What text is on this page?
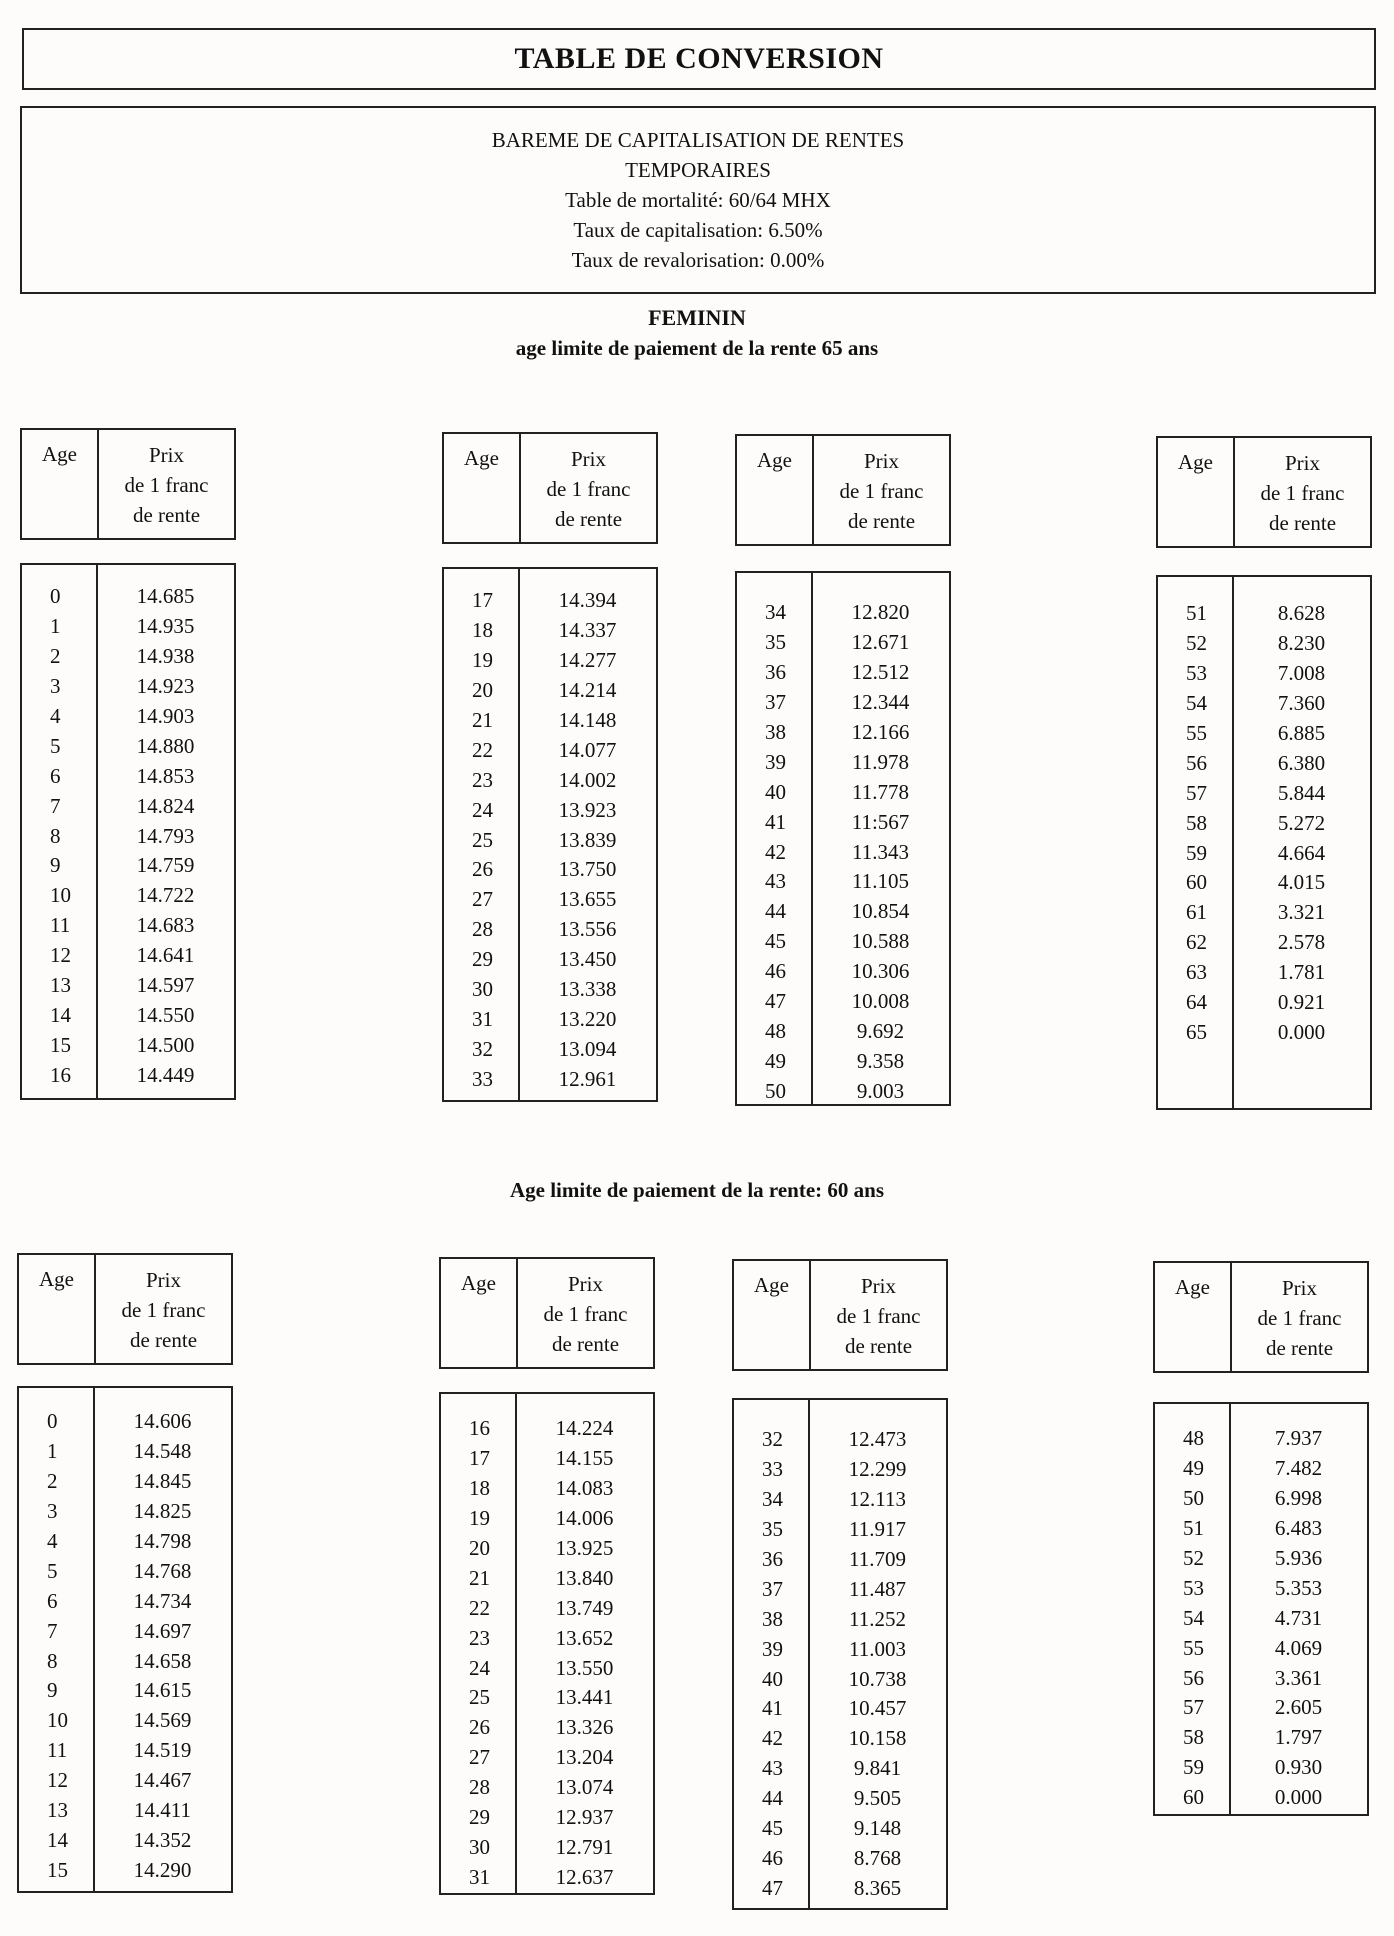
TABLE DE CONVERSION
BAREME DE CAPITALISATION DE RENTES
TEMPORAIRES
Table de mortalité: 60/64 MHX
Taux de capitalisation: 6.50%
Taux de revalorisation: 0.00%
FEMININ
age limite de paiement de la rente 65 ans
Age limite de paiement de la rente: 60 ans
Age	Prix
de 1 franc
de rente
0	14.685
1	14.935
2	14.938
3	14.923
4	14.903
5	14.880
6	14.853
7	14.824
8	14.793
9	14.759
10	14.722
11	14.683
12	14.641
13	14.597
14	14.550
15	14.500
16	14.449
Age	Prix
de 1 franc
de rente
17	14.394
18	14.337
19	14.277
20	14.214
21	14.148
22	14.077
23	14.002
24	13.923
25	13.839
26	13.750
27	13.655
28	13.556
29	13.450
30	13.338
31	13.220
32	13.094
33	12.961
Age	Prix
de 1 franc
de rente
34	12.820
35	12.671
36	12.512
37	12.344
38	12.166
39	11.978
40	11.778
41	11:567
42	11.343
43	11.105
44	10.854
45	10.588
46	10.306
47	10.008
48	9.692
49	9.358
50	9.003
Age	Prix
de 1 franc
de rente
51	8.628
52	8.230
53	7.008
54	7.360
55	6.885
56	6.380
57	5.844
58	5.272
59	4.664
60	4.015
61	3.321
62	2.578
63	1.781
64	0.921
65	0.000
Age	Prix
de 1 franc
de rente
0	14.606
1	14.548
2	14.845
3	14.825
4	14.798
5	14.768
6	14.734
7	14.697
8	14.658
9	14.615
10	14.569
11	14.519
12	14.467
13	14.411
14	14.352
15	14.290
Age	Prix
de 1 franc
de rente
16	14.224
17	14.155
18	14.083
19	14.006
20	13.925
21	13.840
22	13.749
23	13.652
24	13.550
25	13.441
26	13.326
27	13.204
28	13.074
29	12.937
30	12.791
31	12.637
Age	Prix
de 1 franc
de rente
32	12.473
33	12.299
34	12.113
35	11.917
36	11.709
37	11.487
38	11.252
39	11.003
40	10.738
41	10.457
42	10.158
43	9.841
44	9.505
45	9.148
46	8.768
47	8.365
Age	Prix
de 1 franc
de rente
48	7.937
49	7.482
50	6.998
51	6.483
52	5.936
53	5.353
54	4.731
55	4.069
56	3.361
57	2.605
58	1.797
59	0.930
60	0.000
